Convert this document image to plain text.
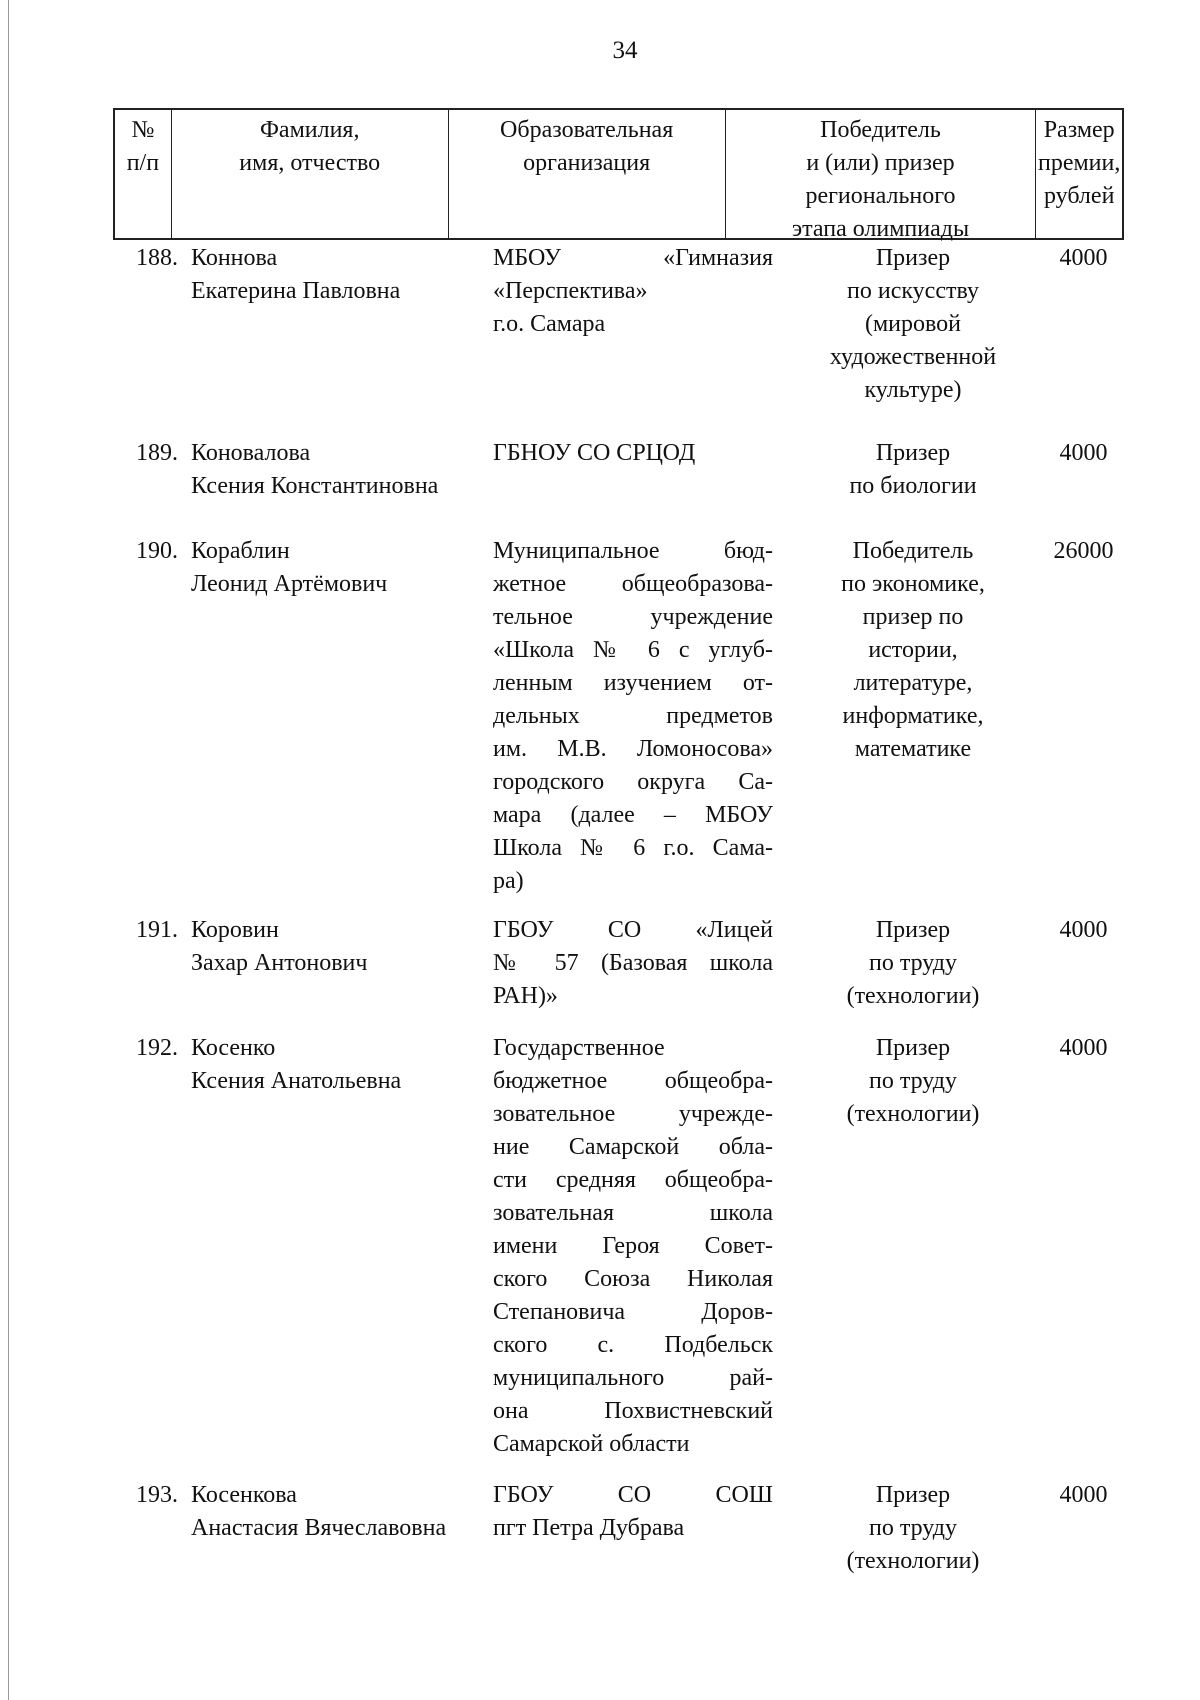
34
№
п/п
Фамилия,
имя, отчество
Образовательная
организация
Победитель
и (или) призер
регионального
этапа олимпиады
Размер
премии,
рублей
188. Коннова
Екатерина Павловна
МБОУ «Гимназия
«Перспектива»
г.о. Самара
Призер
по искусству
(мировой
художественной
культуре)
4000
189. Коновалова
Ксения Константиновна
ГБНОУ СО СРЦОД	Призер
по биологии
4000
190. Кораблин
Леонид Артёмович
Муниципальное бюд-
жетное общеобразова-
тельное учреждение
«Школа № 6 с углуб-
ленным изучением от-
дельных предметов
им. М.В. Ломоносова»
городского округа Са-
мара (далее – МБОУ
Школа № 6 г.о. Сама-
ра)
Победитель
по экономике,
призер по
истории,
литературе,
информатике,
математике
26000
191. Коровин
Захар Антонович
ГБОУ СО «Лицей
№ 57 (Базовая школа
РАН)»
Призер
по труду
(технологии)
4000
192. Косенко
Ксения Анатольевна
Государственное
бюджетное общеобра-
зовательное учрежде-
ние Самарской обла-
сти средняя общеобра-
зовательная школа
имени Героя Совет-
ского Союза Николая
Степановича Доров-
ского с. Подбельск
муниципального рай-
она Похвистневский
Самарской области
Призер
по труду
(технологии)
4000
193. Косенкова
Анастасия Вячеславовна
ГБОУ СО СОШ
пгт Петра Дубрава
Призер
по труду
(технологии)
4000
